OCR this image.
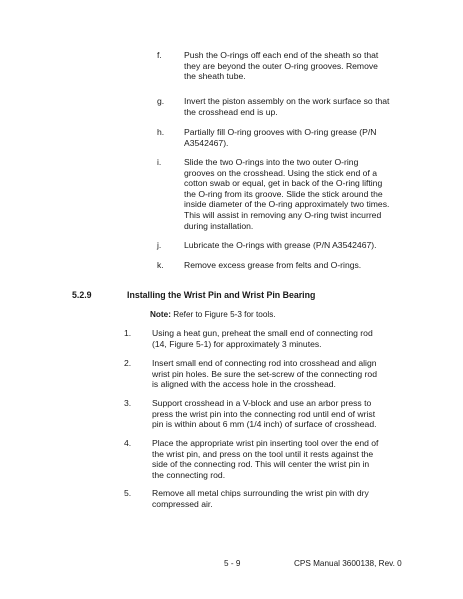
f.	Push the O-rings off each end of the sheath so that
they are beyond the outer O-ring grooves. Remove
the sheath tube.
g. Invert the piston assembly on the work surface so that
the crosshead end is up.
h. Partially fill O-ring grooves with O-ring grease (P/N
A3542467).
i.	Slide the two O-rings into the two outer O-ring
grooves on the crosshead. Using the stick end of a
cotton swab or equal, get in back of the O-ring lifting
the O-ring from its groove. Slide the stick around the
inside diameter of the O-ring approximately two times.
This will assist in removing any O-ring twist incurred
during installation.
j.	Lubricate the O-rings with grease (P/N A3542467).
k. Remove excess grease from felts and O-rings.
5.2.9	Installing the Wrist Pin and Wrist Pin Bearing
Note: Refer to Figure 5-3 for tools.
1. Using a heat gun, preheat the small end of connecting rod
(14, Figure 5-1) for approximately 3 minutes.
2. Insert small end of connecting rod into crosshead and align
wrist pin holes. Be sure the set-screw of the connecting rod
is aligned with the access hole in the crosshead.
3. Support crosshead in a V-block and use an arbor press to
press the wrist pin into the connecting rod until end of wrist
pin is within about 6 mm (1/4 inch) of surface of crosshead.
4. Place the appropriate wrist pin inserting tool over the end of
the wrist pin, and press on the tool until it rests against the
side of the connecting rod. This will center the wrist pin in
the connecting rod.
5. Remove all metal chips surrounding the wrist pin with dry
compressed air.
5 - 9	CPS Manual 3600138, Rev. 0
